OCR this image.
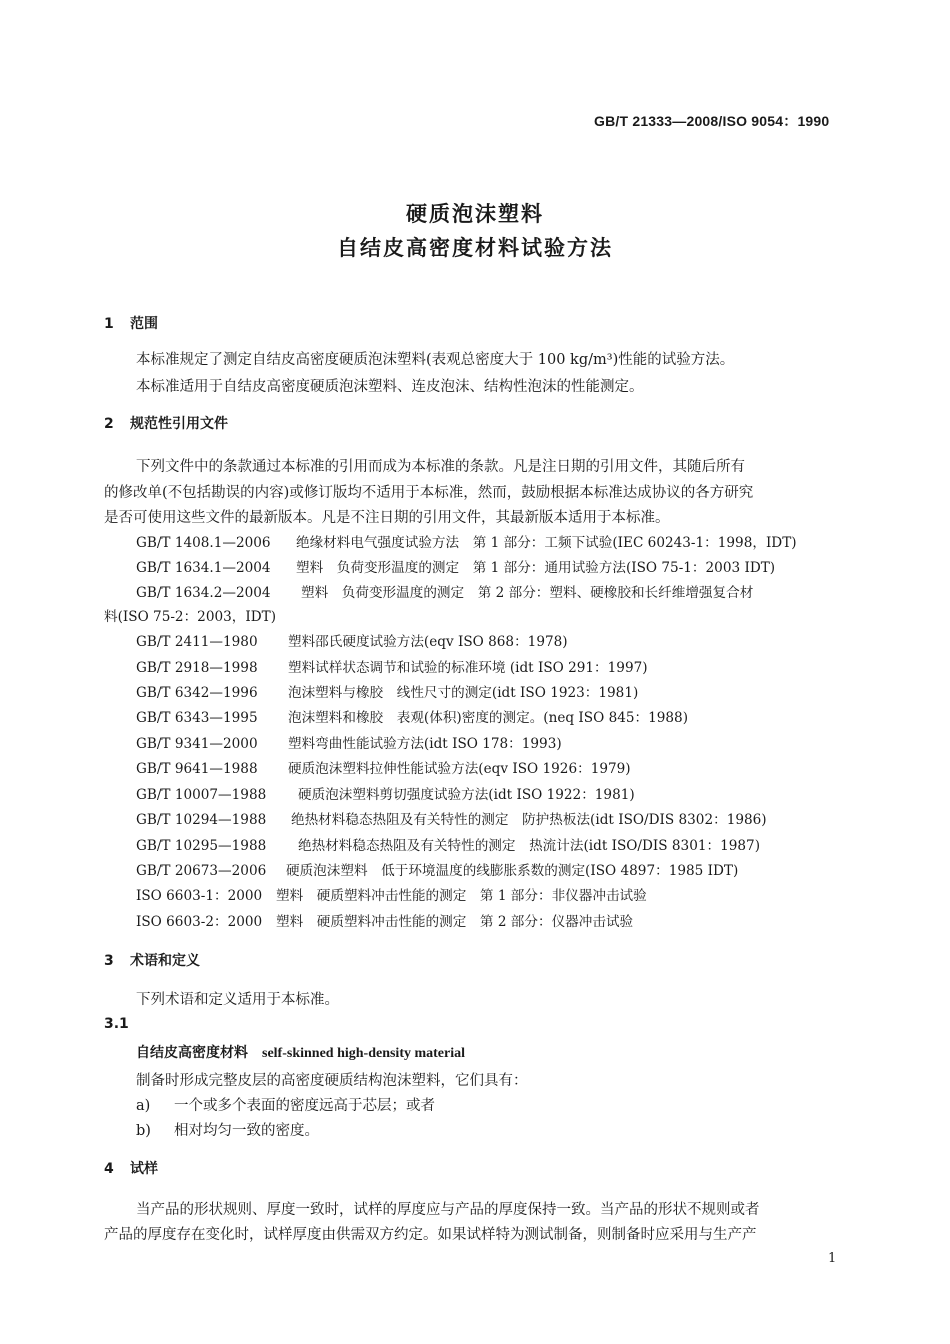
GB/T 21333—2008/ISO 9054：1990
硬质泡沫塑料
自结皮高密度材料试验方法
1 范围
本标准规定了测定自结皮高密度硬质泡沫塑料(表观总密度大于 100 kg/m³)性能的试验方法。
本标准适用于自结皮高密度硬质泡沫塑料、连皮泡沫、结构性泡沫的性能测定。
2 规范性引用文件
下列文件中的条款通过本标准的引用而成为本标准的条款。凡是注日期的引用文件，其随后所有
的修改单(不包括勘误的内容)或修订版均不适用于本标准，然而，鼓励根据本标准达成协议的各方研究
是否可使用这些文件的最新版本。凡是不注日期的引用文件，其最新版本适用于本标准。
GB/T 1408.1—2006 绝缘材料电气强度试验方法　第 1 部分：工频下试验(IEC 60243-1：1998，IDT)
GB/T 1634.1—2004 塑料　负荷变形温度的测定　第 1 部分：通用试验方法(ISO 75-1：2003 IDT)
GB/T 1634.2—2004 塑料　负荷变形温度的测定　第 2 部分：塑料、硬橡胶和长纤维增强复合材
料(ISO 75-2：2003，IDT)
GB/T 2411—1980 塑料邵氏硬度试验方法(eqv ISO 868：1978)
GB/T 2918—1998 塑料试样状态调节和试验的标准环境 (idt ISO 291：1997)
GB/T 6342—1996 泡沫塑料与橡胶　线性尺寸的测定(idt ISO 1923：1981)
GB/T 6343—1995 泡沫塑料和橡胶　表观(体积)密度的测定。(neq ISO 845：1988)
GB/T 9341—2000 塑料弯曲性能试验方法(idt ISO 178：1993)
GB/T 9641—1988 硬质泡沫塑料拉伸性能试验方法(eqv ISO 1926：1979)
GB/T 10007—1988 硬质泡沫塑料剪切强度试验方法(idt ISO 1922：1981)
GB/T 10294—1988 绝热材料稳态热阻及有关特性的测定　防护热板法(idt ISO/DIS 8302：1986)
GB/T 10295—1988 绝热材料稳态热阻及有关特性的测定　热流计法(idt ISO/DIS 8301：1987)
GB/T 20673—2006 硬质泡沫塑料　低于环境温度的线膨胀系数的测定(ISO 4897：1985 IDT)
ISO 6603-1：2000 塑料　硬质塑料冲击性能的测定　第 1 部分：非仪器冲击试验
ISO 6603-2：2000 塑料　硬质塑料冲击性能的测定　第 2 部分：仪器冲击试验
3 术语和定义
下列术语和定义适用于本标准。
3.1
自结皮高密度材料 self-skinned high-density material
制备时形成完整皮层的高密度硬质结构泡沫塑料，它们具有：
a) 一个或多个表面的密度远高于芯层；或者
b) 相对均匀一致的密度。
4 试样
当产品的形状规则、厚度一致时，试样的厚度应与产品的厚度保持一致。当产品的形状不规则或者
产品的厚度存在变化时，试样厚度由供需双方约定。如果试样特为测试制备，则制备时应采用与生产产
1
